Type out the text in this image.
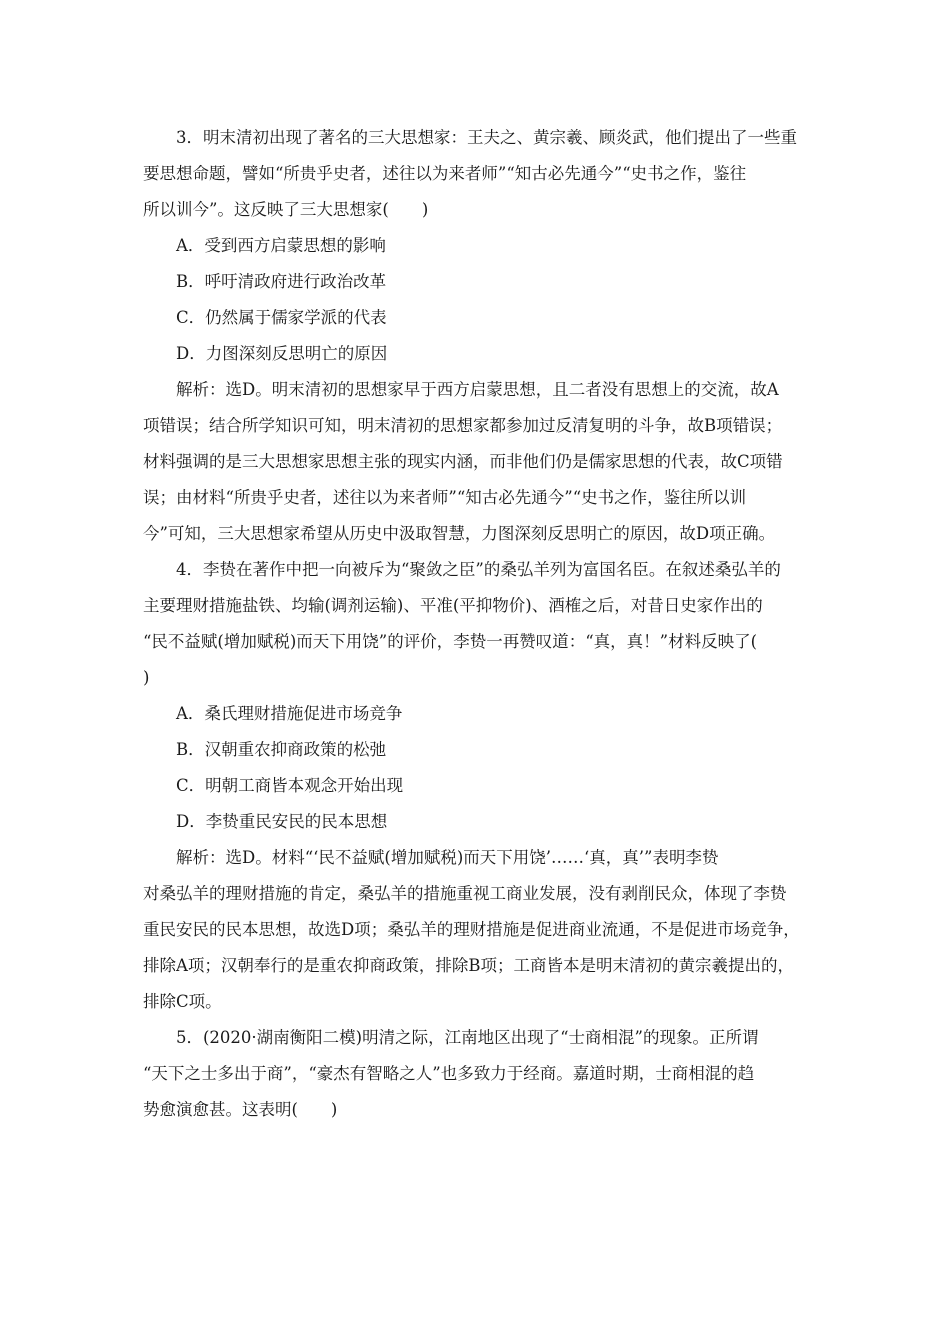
　　3．明末清初出现了著名的三大思想家：王夫之、黄宗羲、顾炎武，他们提出了一些重

要思想命题，譬如“所贵乎史者，述往以为来者师”“知古必先通今”“史书之作，鉴往

所以训今”。这反映了三大思想家(　　)

A．受到西方启蒙思想的影响

B．呼吁清政府进行政治改革

C．仍然属于儒家学派的代表

D．力图深刻反思明亡的原因

　　解析：选D。明末清初的思想家早于西方启蒙思想，且二者没有思想上的交流，故A

项错误；结合所学知识可知，明末清初的思想家都参加过反清复明的斗争，故B项错误；

材料强调的是三大思想家思想主张的现实内涵，而非他们仍是儒家思想的代表，故C项错

误；由材料“所贵乎史者，述往以为来者师”“知古必先通今”“史书之作，鉴往所以训

今”可知，三大思想家希望从历史中汲取智慧，力图深刻反思明亡的原因，故D项正确。

　　4．李贽在著作中把一向被斥为“聚敛之臣”的桑弘羊列为富国名臣。在叙述桑弘羊的

主要理财措施盐铁、均输(调剂运输)、平准(平抑物价)、酒榷之后，对昔日史家作出的

“民不益赋(增加赋税)而天下用饶”的评价，李贽一再赞叹道：“真，真！”材料反映了(

)

A．桑氏理财措施促进市场竞争

B．汉朝重农抑商政策的松弛

C．明朝工商皆本观念开始出现

D．李贽重民安民的民本思想

　　解析：选D。材料“‘民不益赋(增加赋税)而天下用饶’……‘真，真’”表明李贽

对桑弘羊的理财措施的肯定，桑弘羊的措施重视工商业发展，没有剥削民众，体现了李贽

重民安民的民本思想，故选D项；桑弘羊的理财措施是促进商业流通，不是促进市场竞争，

排除A项；汉朝奉行的是重农抑商政策，排除B项；工商皆本是明末清初的黄宗羲提出的，

排除C项。

　　5．(2020·湖南衡阳二模)明清之际，江南地区出现了“士商相混”的现象。正所谓

“天下之士多出于商”，“豪杰有智略之人”也多致力于经商。嘉道时期，士商相混的趋

势愈演愈甚。这表明(　　)
